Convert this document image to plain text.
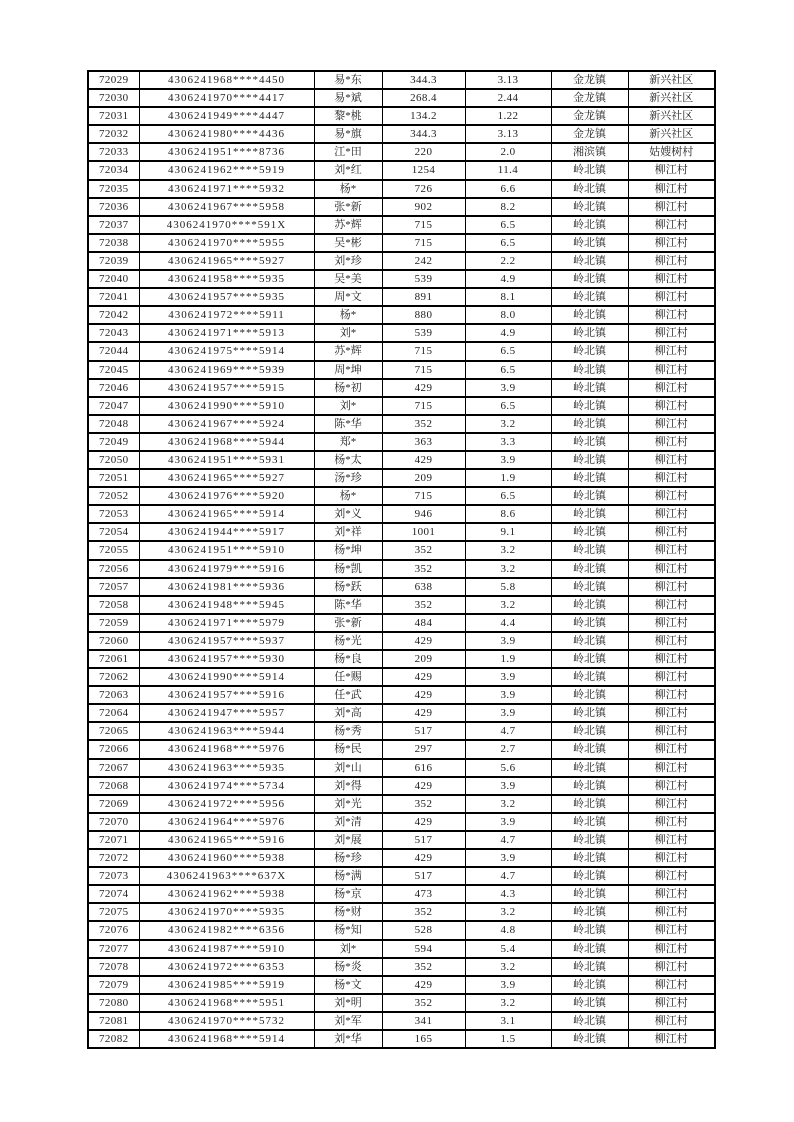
72029	4306241968****4450	易*东	344.3	3.13	金龙镇	新兴社区
72030	4306241970****4417	易*斌	268.4	2.44	金龙镇	新兴社区
72031	4306241949****4447	黎*桃	134.2	1.22	金龙镇	新兴社区
72032	4306241980****4436	易*旗	344.3	3.13	金龙镇	新兴社区
72033	4306241951****8736	江*田	220	2.0	湘滨镇	姑嫂树村
72034	4306241962****5919	刘*红	1254	11.4	岭北镇	柳江村
72035	4306241971****5932	杨*	726	6.6	岭北镇	柳江村
72036	4306241967****5958	张*新	902	8.2	岭北镇	柳江村
72037	4306241970****591X	苏*辉	715	6.5	岭北镇	柳江村
72038	4306241970****5955	吴*彬	715	6.5	岭北镇	柳江村
72039	4306241965****5927	刘*珍	242	2.2	岭北镇	柳江村
72040	4306241958****5935	吴*美	539	4.9	岭北镇	柳江村
72041	4306241957****5935	周*文	891	8.1	岭北镇	柳江村
72042	4306241972****5911	杨*	880	8.0	岭北镇	柳江村
72043	4306241971****5913	刘*	539	4.9	岭北镇	柳江村
72044	4306241975****5914	苏*辉	715	6.5	岭北镇	柳江村
72045	4306241969****5939	周*坤	715	6.5	岭北镇	柳江村
72046	4306241957****5915	杨*初	429	3.9	岭北镇	柳江村
72047	4306241990****5910	刘*	715	6.5	岭北镇	柳江村
72048	4306241967****5924	陈*华	352	3.2	岭北镇	柳江村
72049	4306241968****5944	郑*	363	3.3	岭北镇	柳江村
72050	4306241951****5931	杨*太	429	3.9	岭北镇	柳江村
72051	4306241965****5927	汤*珍	209	1.9	岭北镇	柳江村
72052	4306241976****5920	杨*	715	6.5	岭北镇	柳江村
72053	4306241965****5914	刘*义	946	8.6	岭北镇	柳江村
72054	4306241944****5917	刘*祥	1001	9.1	岭北镇	柳江村
72055	4306241951****5910	杨*坤	352	3.2	岭北镇	柳江村
72056	4306241979****5916	杨*凯	352	3.2	岭北镇	柳江村
72057	4306241981****5936	杨*跃	638	5.8	岭北镇	柳江村
72058	4306241948****5945	陈*华	352	3.2	岭北镇	柳江村
72059	4306241971****5979	张*新	484	4.4	岭北镇	柳江村
72060	4306241957****5937	杨*光	429	3.9	岭北镇	柳江村
72061	4306241957****5930	杨*良	209	1.9	岭北镇	柳江村
72062	4306241990****5914	任*赐	429	3.9	岭北镇	柳江村
72063	4306241957****5916	任*武	429	3.9	岭北镇	柳江村
72064	4306241947****5957	刘*高	429	3.9	岭北镇	柳江村
72065	4306241963****5944	杨*秀	517	4.7	岭北镇	柳江村
72066	4306241968****5976	杨*民	297	2.7	岭北镇	柳江村
72067	4306241963****5935	刘*山	616	5.6	岭北镇	柳江村
72068	4306241974****5734	刘*得	429	3.9	岭北镇	柳江村
72069	4306241972****5956	刘*光	352	3.2	岭北镇	柳江村
72070	4306241964****5976	刘*清	429	3.9	岭北镇	柳江村
72071	4306241965****5916	刘*展	517	4.7	岭北镇	柳江村
72072	4306241960****5938	杨*珍	429	3.9	岭北镇	柳江村
72073	4306241963****637X	杨*满	517	4.7	岭北镇	柳江村
72074	4306241962****5938	杨*京	473	4.3	岭北镇	柳江村
72075	4306241970****5935	杨*财	352	3.2	岭北镇	柳江村
72076	4306241982****6356	杨*知	528	4.8	岭北镇	柳江村
72077	4306241987****5910	刘*	594	5.4	岭北镇	柳江村
72078	4306241972****6353	杨*炎	352	3.2	岭北镇	柳江村
72079	4306241985****5919	杨*文	429	3.9	岭北镇	柳江村
72080	4306241968****5951	刘*明	352	3.2	岭北镇	柳江村
72081	4306241970****5732	刘*军	341	3.1	岭北镇	柳江村
72082	4306241968****5914	刘*华	165	1.5	岭北镇	柳江村
